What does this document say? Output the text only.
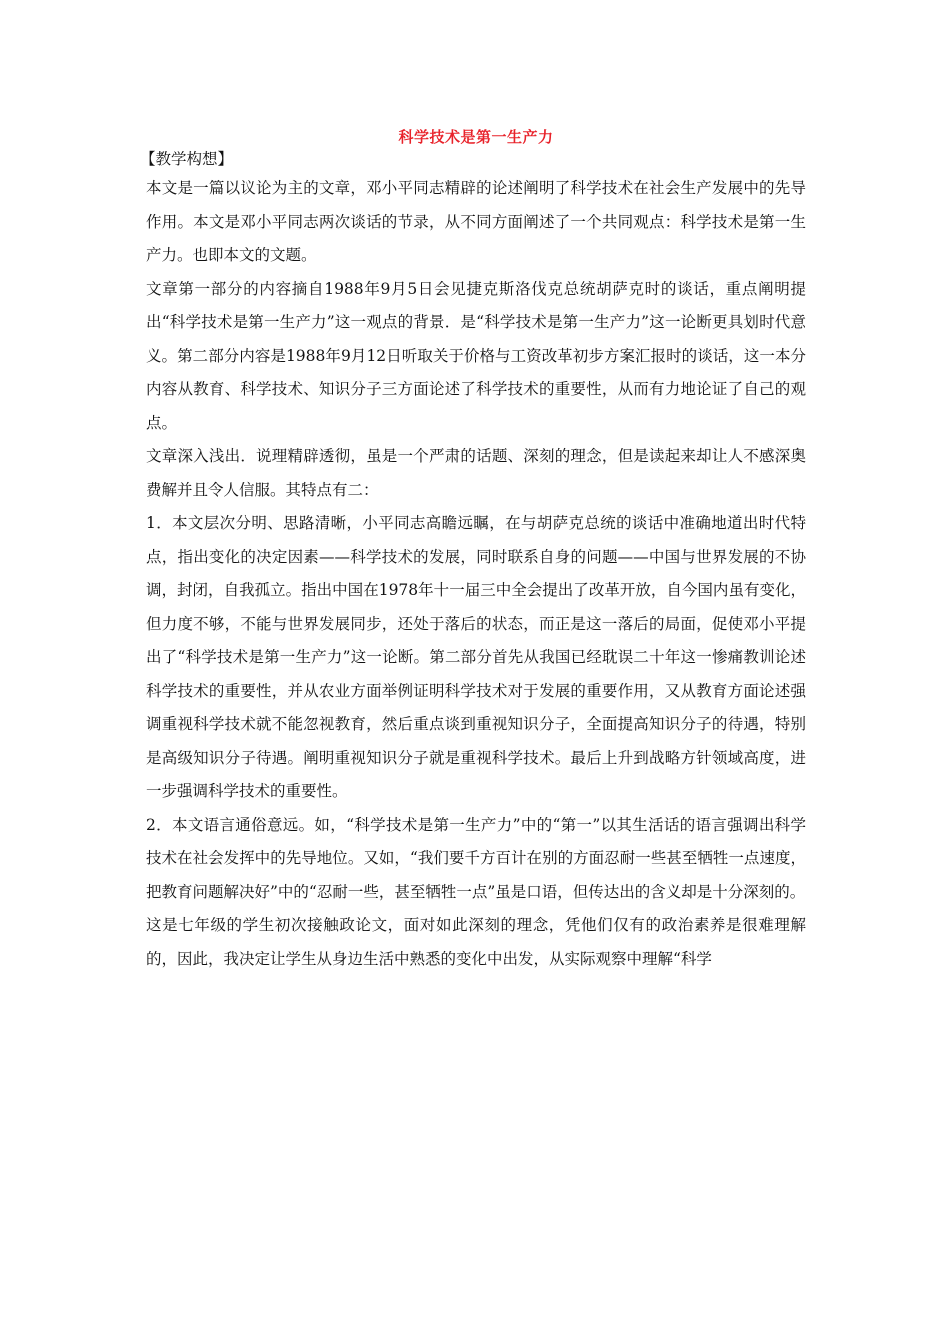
科学技术是第一生产力
【教学构想】

本文是一篇以议论为主的文章，邓小平同志精辟的论述阐明了科学技术在社会生产发展中的先导作用。本文是邓小平同志两次谈话的节录，从不同方面阐述了一个共同观点：科学技术是第一生产力。也即本文的文题。

文章第一部分的内容摘自1988年9月5日会见捷克斯洛伐克总统胡萨克时的谈话，重点阐明提出“科学技术是第一生产力”这一观点的背景．是“科学技术是第一生产力”这一论断更具划时代意义。第二部分内容是1988年9月12日听取关于价格与工资改革初步方案汇报时的谈话，这一本分内容从教育、科学技术、知识分子三方面论述了科学技术的重要性，从而有力地论证了自己的观点。

文章深入浅出．说理精辟透彻，虽是一个严肃的话题、深刻的理念，但是读起来却让人不感深奥费解并且令人信服。其特点有二：

1．本文层次分明、思路清晰，小平同志高瞻远瞩，在与胡萨克总统的谈话中准确地道出时代特点，指出变化的决定因素——科学技术的发展，同时联系自身的问题——中国与世界发展的不协调，封闭，自我孤立。指出中国在1978年十一届三中全会提出了改革开放，自今国内虽有变化，但力度不够，不能与世界发展同步，还处于落后的状态，而正是这一落后的局面，促使邓小平提出了“科学技术是第一生产力”这一论断。第二部分首先从我国已经耽误二十年这一惨痛教训论述科学技术的重要性，并从农业方面举例证明科学技术对于发展的重要作用，又从教育方面论述强调重视科学技术就不能忽视教育，然后重点谈到重视知识分子，全面提高知识分子的待遇，特别是高级知识分子待遇。阐明重视知识分子就是重视科学技术。最后上升到战略方针领域高度，进一步强调科学技术的重要性。

2．本文语言通俗意远。如，“科学技术是第一生产力”中的“第一”以其生活话的语言强调出科学技术在社会发挥中的先导地位。又如，“我们要千方百计在别的方面忍耐一些甚至牺牲一点速度，把教育问题解决好”中的“忍耐一些，甚至牺牲一点”虽是口语，但传达出的含义却是十分深刻的。

这是七年级的学生初次接触政论文，面对如此深刻的理念，凭他们仅有的政治素养是很难理解的，因此，我决定让学生从身边生活中熟悉的变化中出发，从实际观察中理解“科学
